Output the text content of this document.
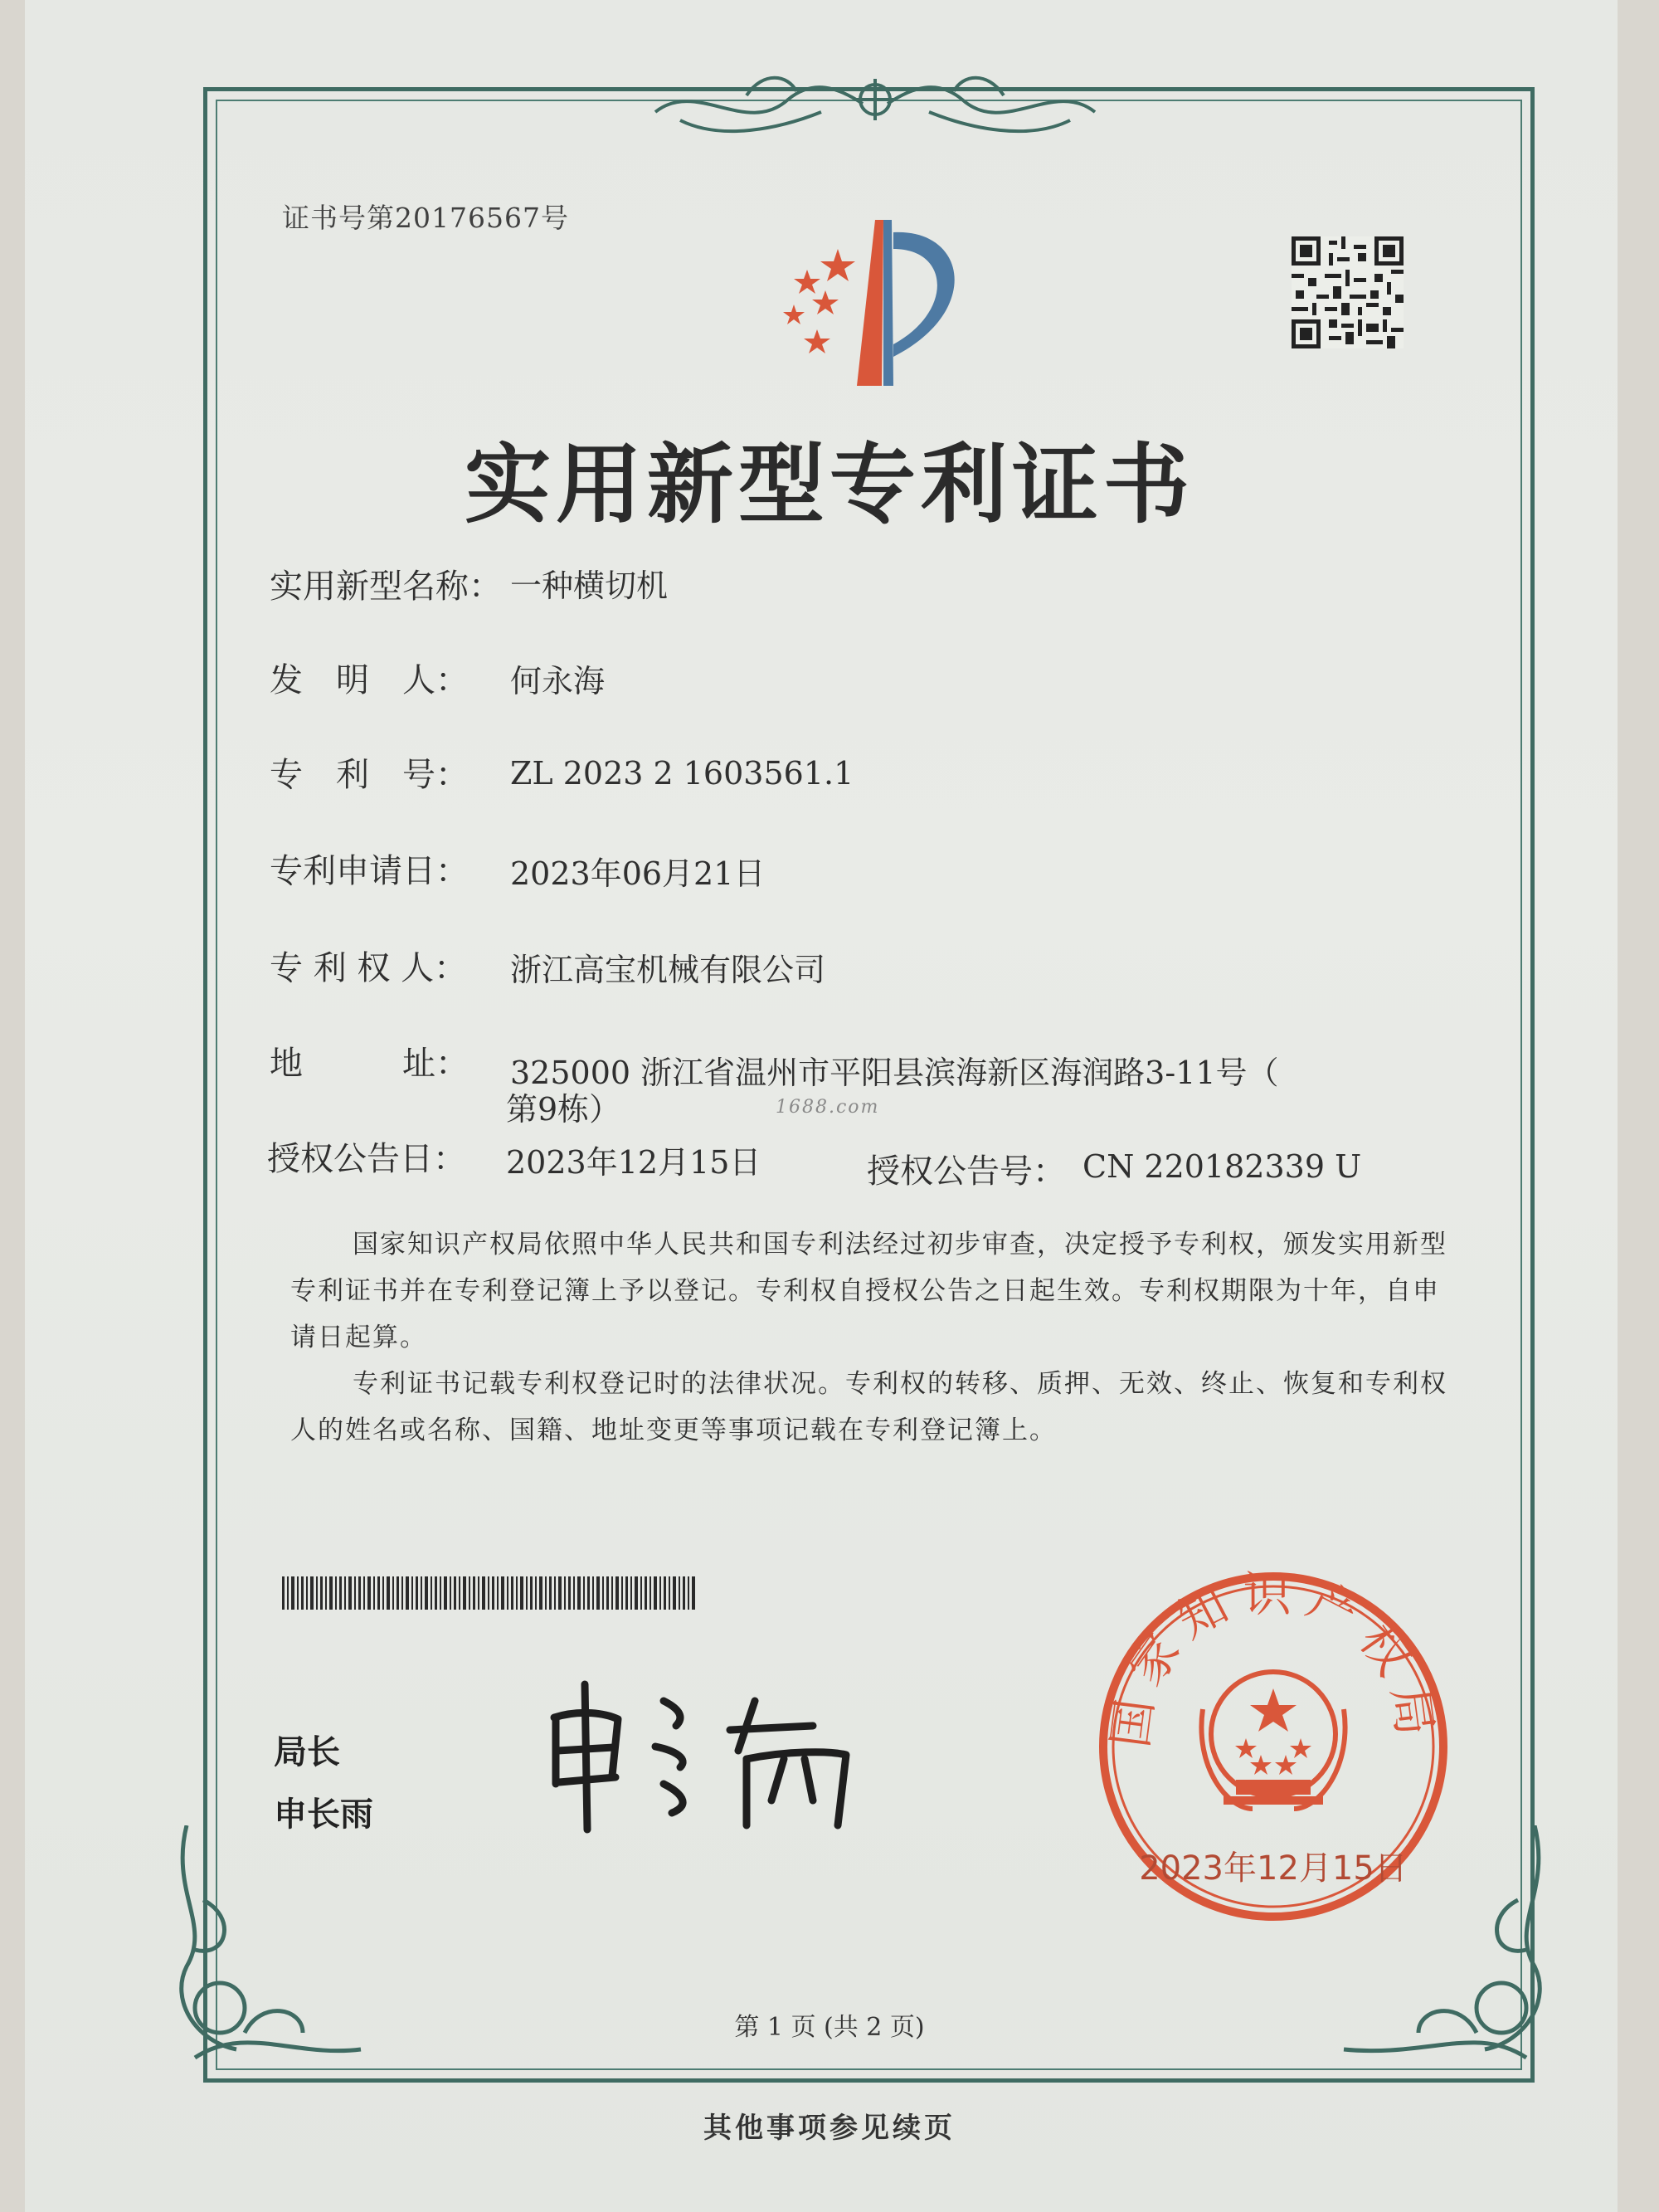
证书号第20176567号
实用新型专利证书
实用新型名称： 一种横切机
发　明　人： 何永海
专　利　号： ZL 2023 2 1603561.1
专利申请日： 2023年06月21日
专 利 权 人： 浙江高宝机械有限公司
地　　　址： 325000 浙江省温州市平阳县滨海新区海润路3-11号（
第9栋）	1688.com
授权公告日： 2023年12月15日	授权公告号： CN 220182339 U
国家知识产权局依照中华人民共和国专利法经过初步审查，决定授予专利权，颁发实用新型
专利证书并在专利登记簿上予以登记。专利权自授权公告之日起生效。专利权期限为十年，自申
请日起算。
专利证书记载专利权登记时的法律状况。专利权的转移、质押、无效、终止、恢复和专利权
人的姓名或名称、国籍、地址变更等事项记载在专利登记簿上。
局长
申长雨
国家知识产权局
2023年12月15日
第 1 页 (共 2 页)
其他事项参见续页
